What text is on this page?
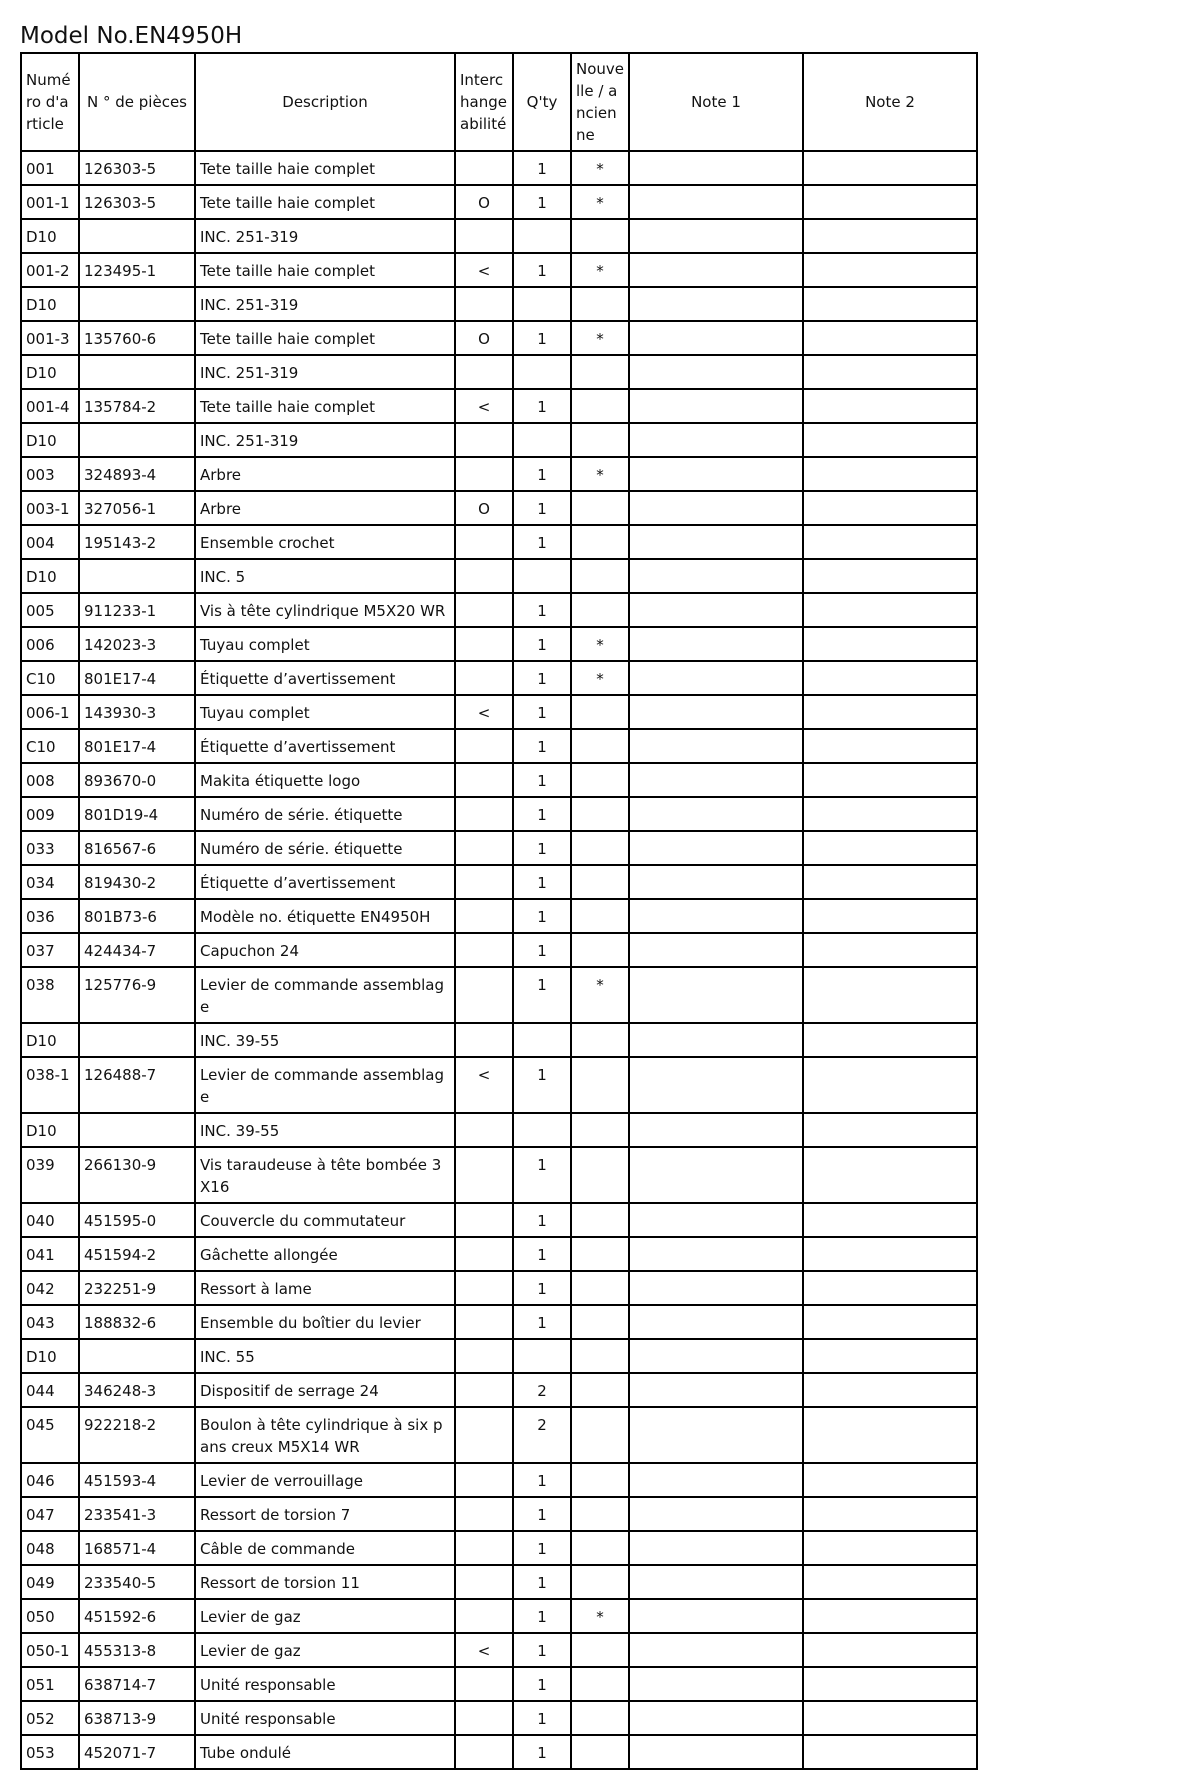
Model No.EN4950H
Numéro d'article	N ° de pièces	Description	Interchangeabilité	Q'ty	Nouvelle / ancienne	Note 1	Note 2
001	126303-5	Tete taille haie complet		1	*		
001-1	126303-5	Tete taille haie complet	O	1	*		
D10		INC. 251-319					
001-2	123495-1	Tete taille haie complet	<	1	*		
D10		INC. 251-319					
001-3	135760-6	Tete taille haie complet	O	1	*		
D10		INC. 251-319					
001-4	135784-2	Tete taille haie complet	<	1			
D10		INC. 251-319					
003	324893-4	Arbre		1	*		
003-1	327056-1	Arbre	O	1			
004	195143-2	Ensemble crochet		1			
D10		INC. 5					
005	911233-1	Vis à tête cylindrique M5X20 WR		1			
006	142023-3	Tuyau complet		1	*		
C10	801E17-4	Étiquette d’avertissement		1	*		
006-1	143930-3	Tuyau complet	<	1			
C10	801E17-4	Étiquette d’avertissement		1			
008	893670-0	Makita étiquette logo		1			
009	801D19-4	Numéro de série. étiquette		1			
033	816567-6	Numéro de série. étiquette		1			
034	819430-2	Étiquette d’avertissement		1			
036	801B73-6	Modèle no. étiquette EN4950H		1			
037	424434-7	Capuchon 24		1			
038	125776-9	Levier de commande assemblage		1	*		
D10		INC. 39-55					
038-1	126488-7	Levier de commande assemblage	<	1			
D10		INC. 39-55					
039	266130-9	Vis taraudeuse à tête bombée 3X16		1			
040	451595-0	Couvercle du commutateur		1			
041	451594-2	Gâchette allongée		1			
042	232251-9	Ressort à lame		1			
043	188832-6	Ensemble du boîtier du levier		1			
D10		INC. 55					
044	346248-3	Dispositif de serrage 24		2			
045	922218-2	Boulon à tête cylindrique à six pans creux M5X14 WR		2			
046	451593-4	Levier de verrouillage		1			
047	233541-3	Ressort de torsion 7		1			
048	168571-4	Câble de commande		1			
049	233540-5	Ressort de torsion 11		1			
050	451592-6	Levier de gaz		1	*		
050-1	455313-8	Levier de gaz	<	1			
051	638714-7	Unité responsable		1			
052	638713-9	Unité responsable		1			
053	452071-7	Tube ondulé		1			
